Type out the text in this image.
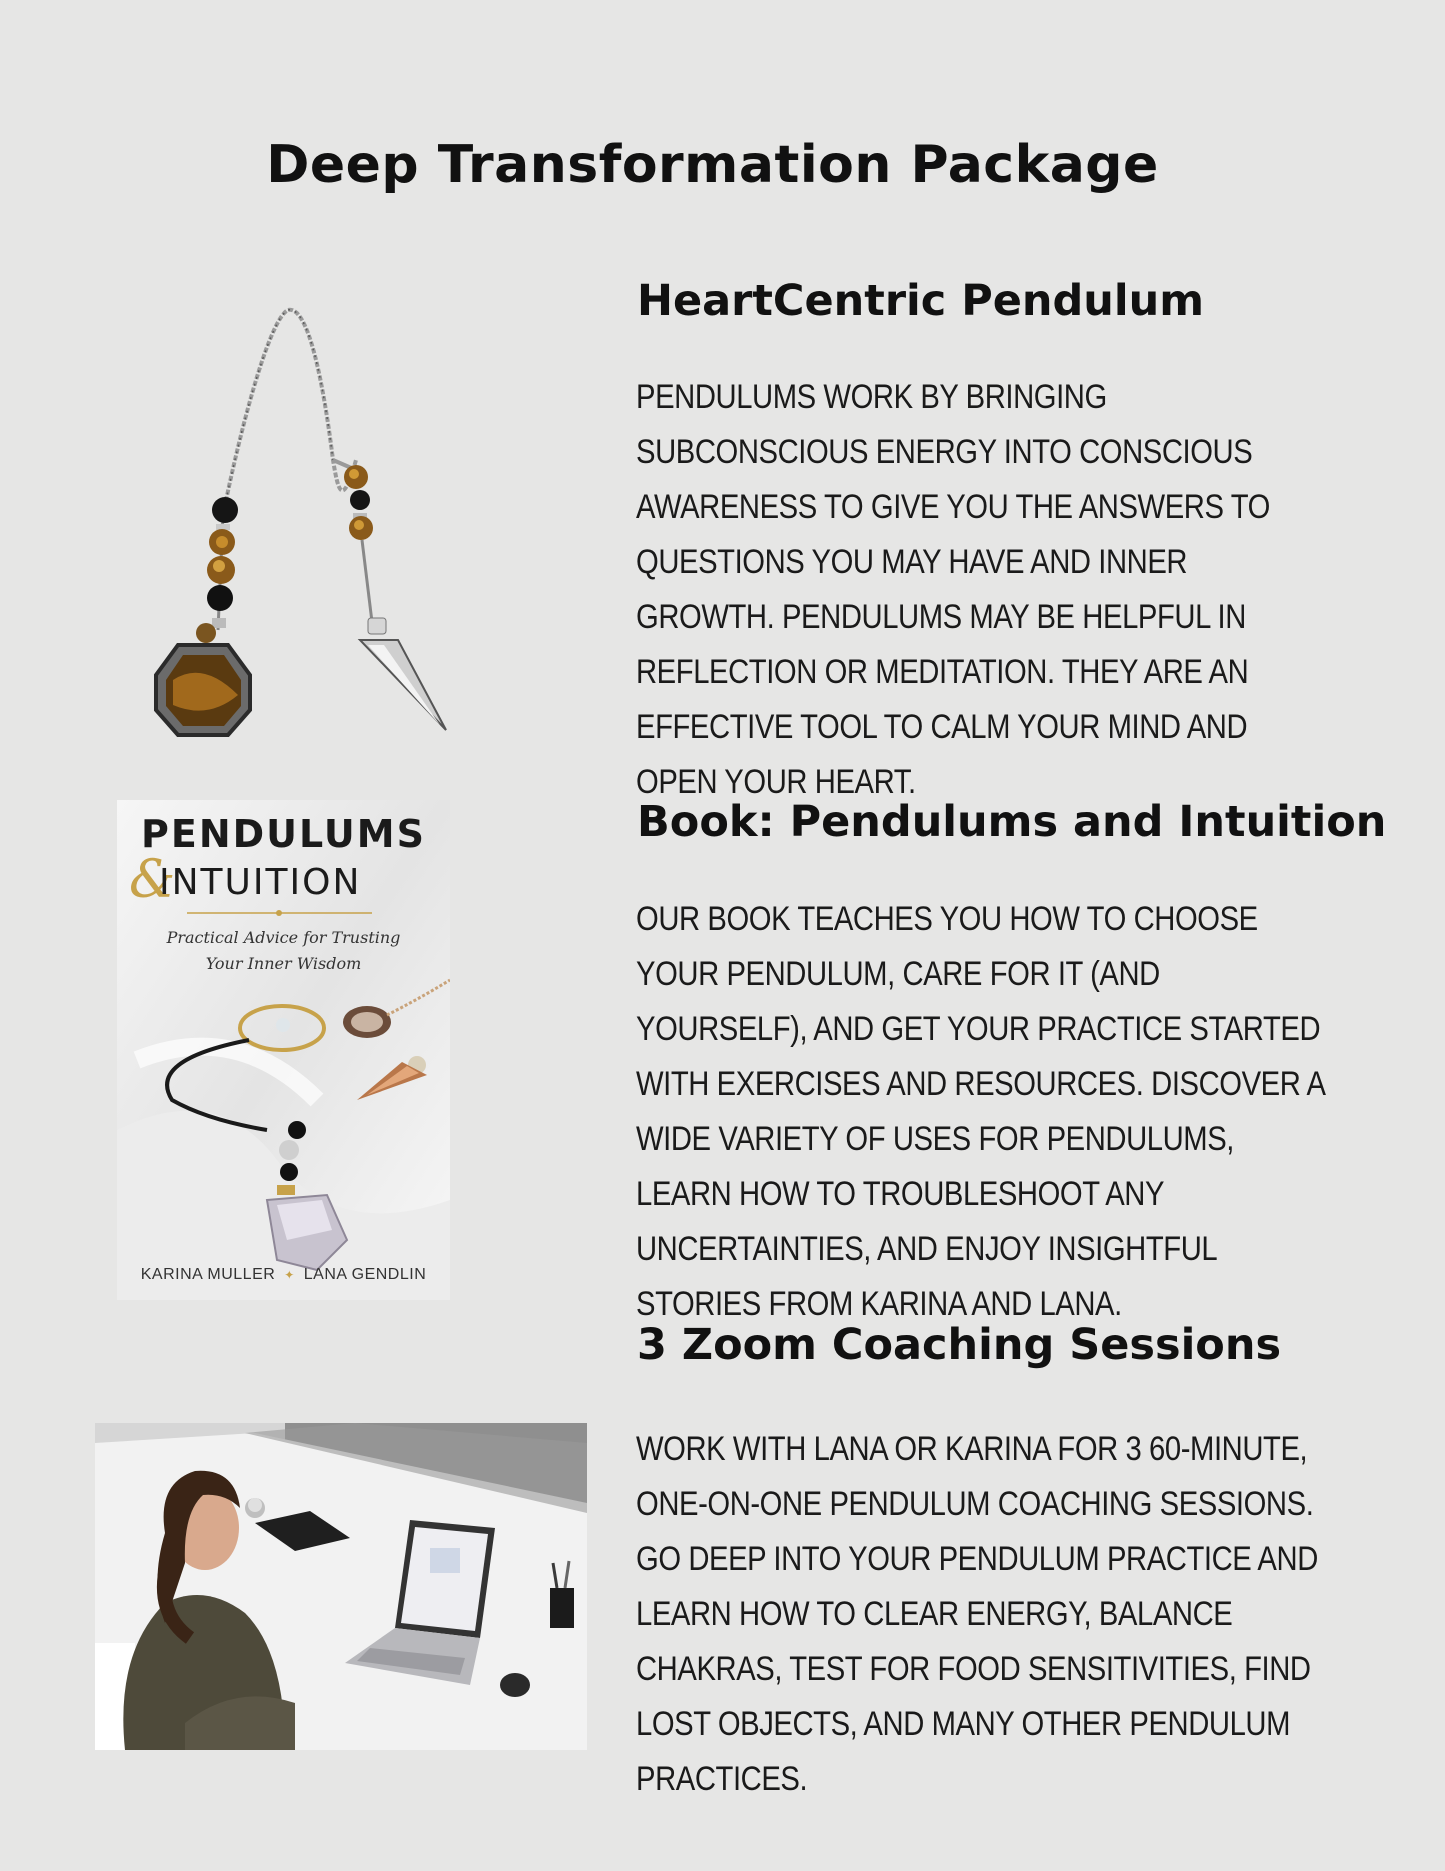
Deep Transformation Package
HeartCentric Pendulum

PENDULUMS WORK BY BRINGING SUBCONSCIOUS ENERGY INTO CONSCIOUS AWARENESS TO GIVE YOU THE ANSWERS TO QUESTIONS YOU MAY HAVE AND INNER GROWTH. PENDULUMS MAY BE HELPFUL IN REFLECTION OR MEDITATION. THEY ARE AN EFFECTIVE TOOL TO CALM YOUR MIND AND OPEN YOUR HEART.

PENDULUMS
&
INTUITION
Practical Advice for Trusting
Your Inner Wisdom
KARINA MULLER ✦ LANA GENDLIN
Book: Pendulums and Intuition

OUR BOOK TEACHES YOU HOW TO CHOOSE YOUR PENDULUM, CARE FOR IT (AND YOURSELF), AND GET YOUR PRACTICE STARTED WITH EXERCISES AND RESOURCES. DISCOVER A WIDE VARIETY OF USES FOR PENDULUMS, LEARN HOW TO TROUBLESHOOT ANY UNCERTAINTIES, AND ENJOY INSIGHTFUL STORIES FROM KARINA AND LANA.

3 Zoom Coaching Sessions

WORK WITH LANA OR KARINA FOR 3 60-MINUTE, ONE-ON-ONE PENDULUM COACHING SESSIONS. GO DEEP INTO YOUR PENDULUM PRACTICE AND LEARN HOW TO CLEAR ENERGY, BALANCE CHAKRAS, TEST FOR FOOD SENSITIVITIES, FIND LOST OBJECTS, AND MANY OTHER PENDULUM PRACTICES.
